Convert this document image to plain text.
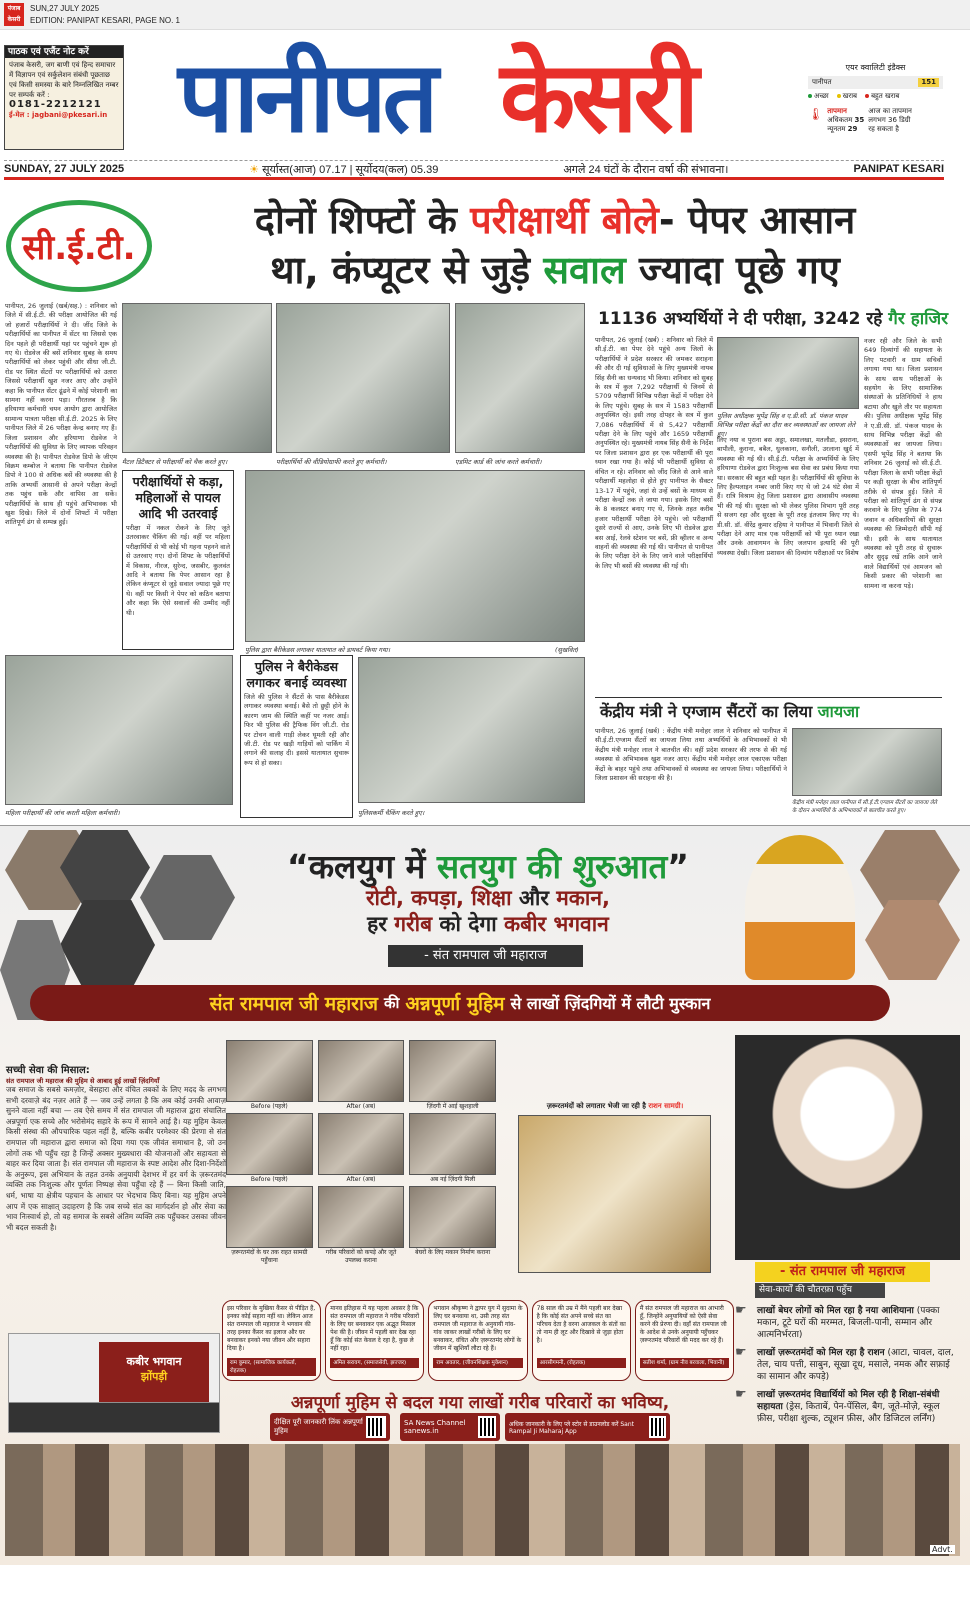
पंजाब केसरी
SUN,27 JULY 2025
EDITION: PANIPAT KESARI, PAGE NO. 1
पाठक एवं एजैंट नोट करें
पंजाब केसरी, जग बाणी एवं हिन्द समाचार में विज्ञापन एवं सर्कुलेशन संबंधी पूछताछ एवं किसी समस्या के बारे निम्नलिखित नम्बर पर सम्पर्क करें :
0181-2212121
ई-मेल : jagbani@pkesari.in पानीपत केसरी	एयर क्वालिटी इंडैक्स
पानीपत	151
अच्छा	खराब	बहुत खराब
🌡 तापमान
अधिकतम 35
न्यूनतम 29
आज का तापमान लगभग 36 डिग्री रह सकता है
SUNDAY, 27 JULY 2025	☀ सूर्यास्त(आज) 07.17 | सूर्योदय(कल) 05.39	अगले 24 घंटों के दौरान वर्षा की संभावना।	PANIPAT KESARI
सी.ई.टी.
दोनों शिफ्टों के परीक्षार्थी बोले- पेपर आसान
था, कंप्यूटर से जुड़े सवाल ज्यादा पूछे गए
पानीपत, 26 जुलाई (खर्ब/सह.) : शनिवार को जिले में सी.ई.टी. की परीक्षा आयोजित की गई जो हजारों परीक्षार्थियों ने दी। जींद जिले के परीक्षार्थियों का पानीपत में सेंटर था जिससे एक दिन पहले ही परीक्षार्थी यहां पर पहुंचने शुरू हो गए थे। रोडवेज की बसें शनिवार सुबह के समय परीक्षार्थियों को लेकर पहुंची और सीधा जी.टी. रोड पर स्थित सेंटरों पर परीक्षार्थियों को उतारा जिससे परीक्षार्थी खुश नजर आए और उन्होंने कहा कि पानीपत सेंटर ढूंढने में कोई परेशानी का सामना नहीं करना पड़ा। गौरतलब है कि हरियाणा कर्मचारी चयन आयोग द्वारा आयोजित सामान्य पात्रता परीक्षा सी.ई.टी. 2025 के लिए पानीपत जिले में 26 परीक्षा केन्द्र बनाए गए हैं। जिला प्रशासन और हरियाणा रोडवेज ने परीक्षार्थियों की सुविधा के लिए व्यापक परिवहन व्यवस्था की है। पानीपत रोडवेज डिपो के जीएम विक्रम कम्बोज ने बताया कि पानीपत रोडवेज डिपो ने 100 से अधिक बसें की व्यवस्था की है ताकि अभ्यर्थी आसानी से अपने परीक्षा केन्द्रों तक पहुंच सकें और वापिस आ सकें। परीक्षार्थियों के साथ ही पहुंचे अभिभावक भी खुश दिखे। जिले में दोनों शिफ्टों में परीक्षा शांतिपूर्ण ढंग से सम्पन्न हुई।
मैटल डिटैक्टर से परीक्षार्थी को चैक करते हुए।	परीक्षार्थियों की वीडियोग्राफी करते हुए कर्मचारी।	एडमिट कार्ड की जांच करते कर्मचारी।
परीक्षार्थियों से कड़ा, महिलाओं से पायल आदि भी उतरवाई
परीक्षा में नकल रोकने के लिए जूते उतरवाकर चैकिंग की गई। वहीं पर महिला परीक्षार्थियों से भी कोई भी गहना पहनने वाले से उतरवाए गए। दोनों शिफ्ट के परीक्षार्थियों में विकास, नीरज, सुरेन्द, जसबीर, कुलवंत आदि ने बताया कि पेपर आसान रहा है लेकिन कंप्यूटर से जुड़े सवाल ज्यादा पूछे गए थे। वहीं पर किसी ने पेपर को कठिन बताया और कहा कि ऐसे सवालों की उम्मीद नहीं थी।
पुलिस द्वारा बैरीकेडस लगाकर यातायात को डायवर्ट किया गया।	(सुखवित)
महिला परीक्षार्थी की जांच करती महिला कर्मचारी।
पुलिस ने बैरीकेडस लगाकर बनाई व्यवस्था
जिले की पुलिस ने सैंटरों के पास बैरीकेडस लगाकर व्यवस्था बनाई। बैसे तो छुट्टी होने के कारण जाम की स्थिति कहीं पर नजर आई। फिर भी पुलिस की ट्रैफिक विंग जी.टी. रोड पर टोचन वाली गाड़ी लेकर घूमती रही और जी.टी. रोड पर खड़ी गाड़ियों को पार्किंग में लगाने की सलाह दी। इससे यातायात सुचारू रूप से हो सका।
पुलिसकर्मी चैकिंग करते हुए।
11136 अभ्यर्थियों ने दी परीक्षा, 3242 रहे गैर हाजिर
पानीपत, 26 जुलाई (खर्ब) : शनिवार को जिले में सी.ई.टी. का पेपर देने पहुंचे अन्य जिलों के परीक्षार्थियों ने प्रदेश सरकार की जमकर सराहना की और दी गई सुविधाओं के लिए मुख्यमंत्री नायब सिंह सैनी का धन्यवाद भी किया। शनिवार को सुबह के सत्र में कुल 7,292 परीक्षार्थी थे जिनमें से 5709 परीक्षार्थी विभिन्न परीक्षा केंद्रों में परीक्षा देने के लिए पहुंचे। सुबह के सत्र में 1583 परीक्षार्थी अनुपस्थित रहे। इसी तरह दोपहर के सत्र में कुल 7,086 परीक्षार्थियों में से 5,427 परीक्षार्थी परीक्षा देने के लिए पहुंचे और 1659 परीक्षार्थी अनुपस्थित रहे। मुख्यमंत्री नायब सिंह सैनी के निर्देश पर जिला प्रशासन द्वारा हर एक परीक्षार्थी की पूरा ध्यान रखा गया है। कोई भी परीक्षार्थी सुविधा से वंचित न रहे। शनिवार को जींद जिले से आने वाले परीक्षार्थी महलोहा से होते हुए पानीपत के सैक्टर 13-17 में पहुंचे, जहां से उन्हें बसों के माध्यम से परीक्षा केन्द्रों तक ले जाया गया। इसके लिए बसों के 8 कलस्टर बनाए गए थे, जिनके तहत करीब हजार परीक्षार्थी परीक्षा देने पहुंचे। जो परीक्षार्थी दूसरे राज्यों से आए, उनके लिए भी रोडवेज द्वारा बस आई, रेलवे स्टेशन पर बसें, फ्री व्हीलर व अन्य वाहनों की व्यवस्था की गई थी। पानीपत से पानीपत के लिए परीक्षा देने के लिए जाने वाले परीक्षार्थियों के लिए भी बसों की व्यवस्था की गई थी।
पुलिस अधीक्षक भूपेंद्र सिंह व ए.डी.सी. डॉ. पंकज यादव विभिन्न परीक्षा केंद्रों का दौरा कर व्यवस्थाओं का जायजा लेते हुए।
लिए नया व पुराना बस अड्डा, समालखा, मतलौडा, इसराना, बापौली, कुराना, बबैल, धुलकाना, सनौली, उरलाना खुर्द में व्यवस्था की गई थी। सी.ई.टी. परीक्षा के अभ्यर्थियों के लिए हरियाणा रोडवेज द्वारा निःशुल्क बस सेवा का प्रबंध किया गया था। सरकार की बहुत बड़ी पहल है। परीक्षार्थियों की सुविधा के लिए हैल्पलाइन नम्बर जारी किए गए थे जो 24 घंटे सेवा में हैं। रात्रि विश्राम हेतु जिला प्रशासन द्वारा आवासीय व्यवस्था भी की गई थी। सुरक्षा को भी लेकर पुलिस विभाग पूरी तरह से सजग रहा और सुरक्षा के पूरी तरह इंतजाम किए गए थे। डी.सी. डॉ. वीरेंद्र कुमार दहिया ने पानीपत में भिवानी जिले से परीक्षा देने आए मात्र एक परीक्षार्थी को भी पूरा ध्यान रखा और उनके आवागमन के लिए जलपान इत्यादि की पूरी व्यवस्था देखी। जिला प्रशासन की दिव्यांग परीक्षाओं पर विशेष
नजर रही और जिले के सभी 649 दिव्यांगों की सहायता के लिए पटवारी व ग्राम सचिवों लगाया गया था। जिला प्रशासन के साथ साथ परीक्षाओं के सहयोग के लिए सामाजिक संस्थाओं के प्रतिनिधियों ने हाथ बटाया और खुले तौर पर सहायता की। पुलिस अधीक्षक भूपेंद्र सिंह ने ए.डी.सी. डॉ. पंकज यादव के साथ विभिन्न परीक्षा केंद्रों की व्यवस्थाओं का जायजा लिया। एसपी भूपेंद्र सिंह ने बताया कि शनिवार 26 जुलाई को सी.ई.टी. परीक्षा जिला के सभी परीक्षा केंद्रों पर कड़ी सुरक्षा के बीच शांतिपूर्ण तरीके से संपन्न हुई। जिले में परीक्षा को शांतिपूर्ण ढंग से संपन्न करवाने के लिए पुलिस के 774 जवान व अधिकारियों की सुरक्षा व्यवस्था की जिम्मेदारी सौंपी गई थी। इसी के साथ यातायात व्यवस्था को पूरी तरह से सुचारू और सुदृढ़ रखें ताकि आने जाने वाले विद्यार्थियों एवं आमजन को किसी प्रकार की परेशानी का सामना ना करना पड़े।
केंद्रीय मंत्री ने एग्जाम सैंटरों का लिया जायजा
पानीपत, 26 जुलाई (खर्ब) : केंद्रीय मंत्री मनोहर लाल ने शनिवार को पानीपत में सी.ई.टी.एग्जाम सैंटरों का जायजा लिया तथा अभ्यर्थियों के अभिभावकों से भी केंद्रीय मंत्री मनोहर लाल ने बातचीत की। वहीं प्रदेश सरकार की तरफ से की गई व्यवस्था से अभिभावक खुश नजर आए। केंद्रीय मंत्री मनोहर लाल एकाएक परीक्षा केंद्रों के बाहर पहुंचे तथा अभिभावकों से व्यवस्था का जायजा लिया। परीक्षार्थियों ने जिला प्रशासन की सराहना की है।
केंद्रीय मंत्री मनोहर लाल पानीपत में सी.ई.टी.एग्जाम सैंटरों का जायजा लेते के दौरान अभ्यर्थियों के अभिभावकों से बातचीत करते हुए।
“कलयुग में सतयुग की शुरुआत”
रोटी, कपड़ा, शिक्षा और मकान,
हर गरीब को देगा कबीर भगवान
- संत रामपाल जी महाराज
संत रामपाल जी महाराज की अन्नपूर्णा मुहिम से लाखों ज़िंदगियों में लौटी मुस्कान
सच्ची सेवा की मिसाल:
संत रामपाल जी महाराज की मुहिम से आबाद हुई लाखों ज़िंदगियाँ
जब समाज के सबसे कमज़ोर, बेसहारा और वंचित तबकों के लिए मदद के लगभग सभी दरवाज़े बंद नज़र आते हैं — जब उन्हें लगता है कि अब कोई उनकी आवाज़ सुनने वाला नहीं बचा — तब ऐसे समय में संत रामपाल जी महाराज द्वारा संचालित अन्नपूर्णा एक सच्चे और भरोसेमंद सहारे के रूप में सामने आई है। यह मुहिम केवल किसी संस्था की औपचारिक पहल नहीं है, बल्कि कबीर परमेश्वर की प्रेरणा से संत रामपाल जी महाराज द्वारा समाज को दिया गया एक जीवंत समाधान है, जो उन लोगों तक भी पहुँच रहा है जिन्हें अक्सर मुख्यधारा की योजनाओं और सहायता से बाहर कर दिया जाता है। संत रामपाल जी महाराज के स्पष्ट आदेश और दिशा-निर्देशों के अनुरूप, इस अभियान के तहत उनके अनुयायी देशभर में हर वर्ग के ज़रूरतमंद व्यक्ति तक निःशुल्क और पूर्णतः निष्पक्ष सेवा पहुँचा रहे हैं — बिना किसी जाति, धर्म, भाषा या क्षेत्रीय पहचान के आधार पर भेदभाव किए बिना। यह मुहिम अपने आप में एक साक्षात् उदाहरण है कि जब सच्चे संत का मार्गदर्शन हो और सेवा का भाव निःस्वार्थ हो, तो वह समाज के सबसे अंतिम व्यक्ति तक पहुँचकर उसका जीवन भी बदल सकती है।
Before (पहले)	After (अब)	ज़िंदगी में आई खुशहाली
Before (पहले)	After (अब)	अब नई ज़िंदगी मिली
ज़रूरतमंदों के घर तक राहत सामग्री पहुँचाना
गरीब परिवारों को कपड़े और जूते उपलब्ध कराना
बेघरों के लिए मकान निर्माण कराना
ज़रूरतमंदों को लगातार भेजी जा रही है राशन सामग्री।
- संत रामपाल जी महाराज
सेवा-कार्यों की चौतरफ़ा पहुँच
☛ लाखों बेघर लोगों को मिल रहा है नया आशियाना (पक्का मकान, टूटे घरों की मरम्मत, बिजली-पानी, सम्मान और आत्मनिर्भरता)
☛ लाखों ज़रूरतमंदों को मिल रहा है राशन (आटा, चावल, दाल, तेल, चाय पत्ती, साबुन, सूखा दूध, मसाले, नमक और सफ़ाई का सामान और कपड़े)
☛ लाखों ज़रूरतमंद विद्यार्थियों को मिल रही है शिक्षा-संबंधी सहायता (ड्रेस, किताबें, पेन-पेंसिल, बैग, जूते-मोज़े, स्कूल फ़ीस, परीक्षा शुल्क, ट्यूशन फ़ीस, और डिजिटल लर्निंग)
कबीर भगवान
झोंपड़ी
इस परिवार के मुखिया कैंसर से पीड़ित हैं, इनका कोई सहारा नहीं था। लेकिन आज संत रामपाल जी महाराज ने भगवान की तरह इनका कैंसर का इलाज और घर बनवाकर इनको नया जीवन और सहारा दिया है।
राम कुमार, (सामाजिक कार्यकर्ता, रोहतक)
मानव इतिहास में यह पहला अवसर है कि संत रामपाल जी महाराज ने गरीब परिवारों के लिए घर बनवाकर एक अद्भुत मिसाल पेश की है। जीवन में पहली बार देख रहा हूँ कि कोई संत केवल दे रहा है, कुछ ले नहीं रहा।
अमित सरावग, (समाजसेवी, झज्जर)
भगवान श्रीकृष्ण ने द्वापर युग में सुदामा के लिए घर बनवाया था, उसी तरह संत रामपाल जी महाराज के अनुयायी गांव-गांव जाकर लाखों गरीबों के लिए घर बनवाकर, वंचित और ज़रूरतमंद लोगों के जीवन में खुशियाँ लौटा रहे हैं।
राम अवतार, (जीवनशिक्षक मुकेशन)
78 साल की उम्र में मैंने पहली बार देखा है कि कोई संत अपने सच्चे संत का परिचय देता है वरना आजकल के संतों का तो नाम ही लूट और दिखावे से जुड़ा होता है।
आरसीगमनी, (रोहतक)
मैं संत रामपाल जी महाराज का आभारी हूँ, जिन्होंने अनुयायियों को ऐसी सेवा करने की प्रेरणा दी। वहाँ संत रामपाल जी के आदेश से उनके अनुयायी पहुँचकर ज़रूरतमंद परिवारों की मदद कर रहे हैं।
सतीश शर्मा, (ग्राम नीव बरवाला, भिवानी)
अन्नपूर्णा मुहिम से बदल गया लाखों गरीब परिवारों का भविष्य,
दीक्षित पूरी जानकारी लिंक अन्नपूर्णा मुहिम
SA News Channel sanews.in
अधिक जानकारी के लिए प्ले स्टोर से डाउनलोड करें Sant Rampal Ji Maharaj App
Advt.
